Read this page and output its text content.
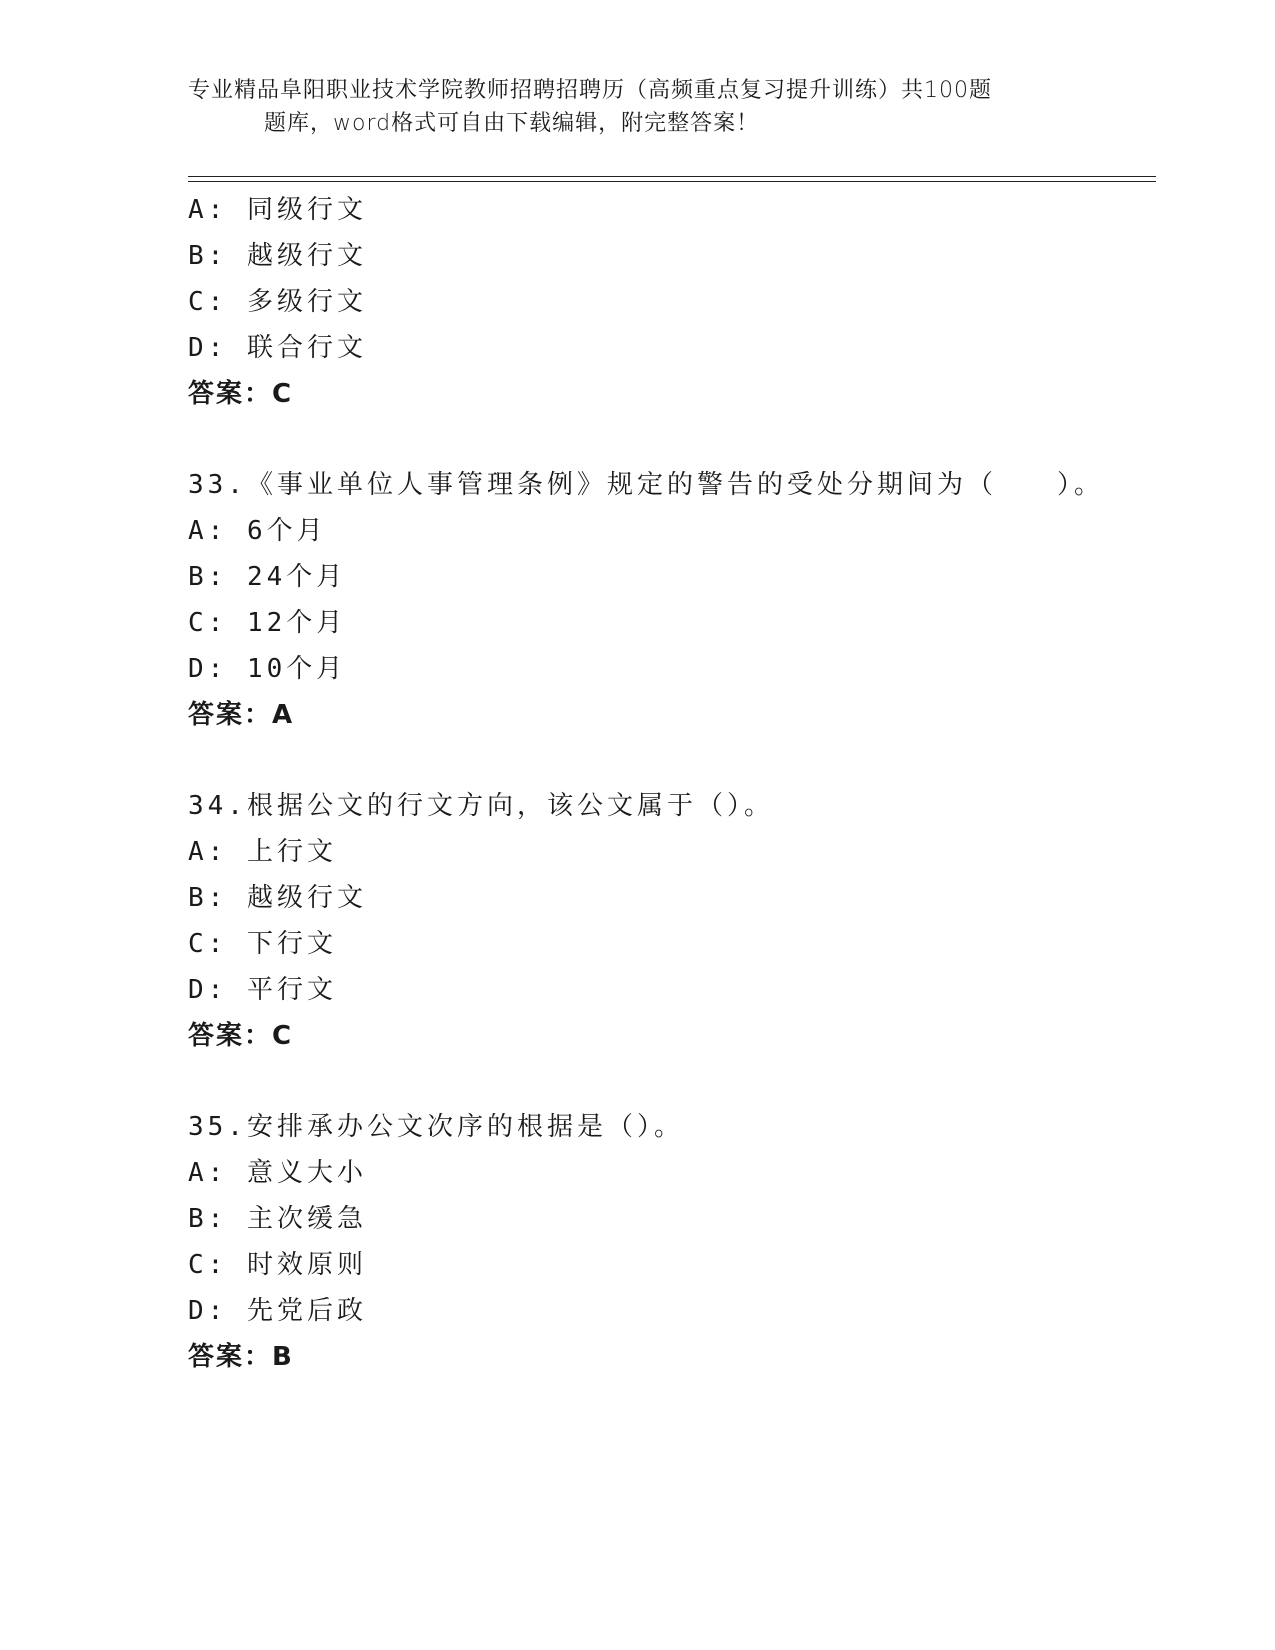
专业精品阜阳职业技术学院教师招聘招聘历（高频重点复习提升训练）共100题
题库，word格式可自由下载编辑，附完整答案！
A: 同级行文
B: 越级行文
C: 多级行文
D: 联合行文
答案：C
33.《事业单位人事管理条例》规定的警告的受处分期间为（　　）。
A: 6个月
B: 24个月
C: 12个月
D: 10个月
答案：A
34.根据公文的行文方向，该公文属于（）。
A: 上行文
B: 越级行文
C: 下行文
D: 平行文
答案：C
35.安排承办公文次序的根据是（）。
A: 意义大小
B: 主次缓急
C: 时效原则
D: 先党后政
答案：B
